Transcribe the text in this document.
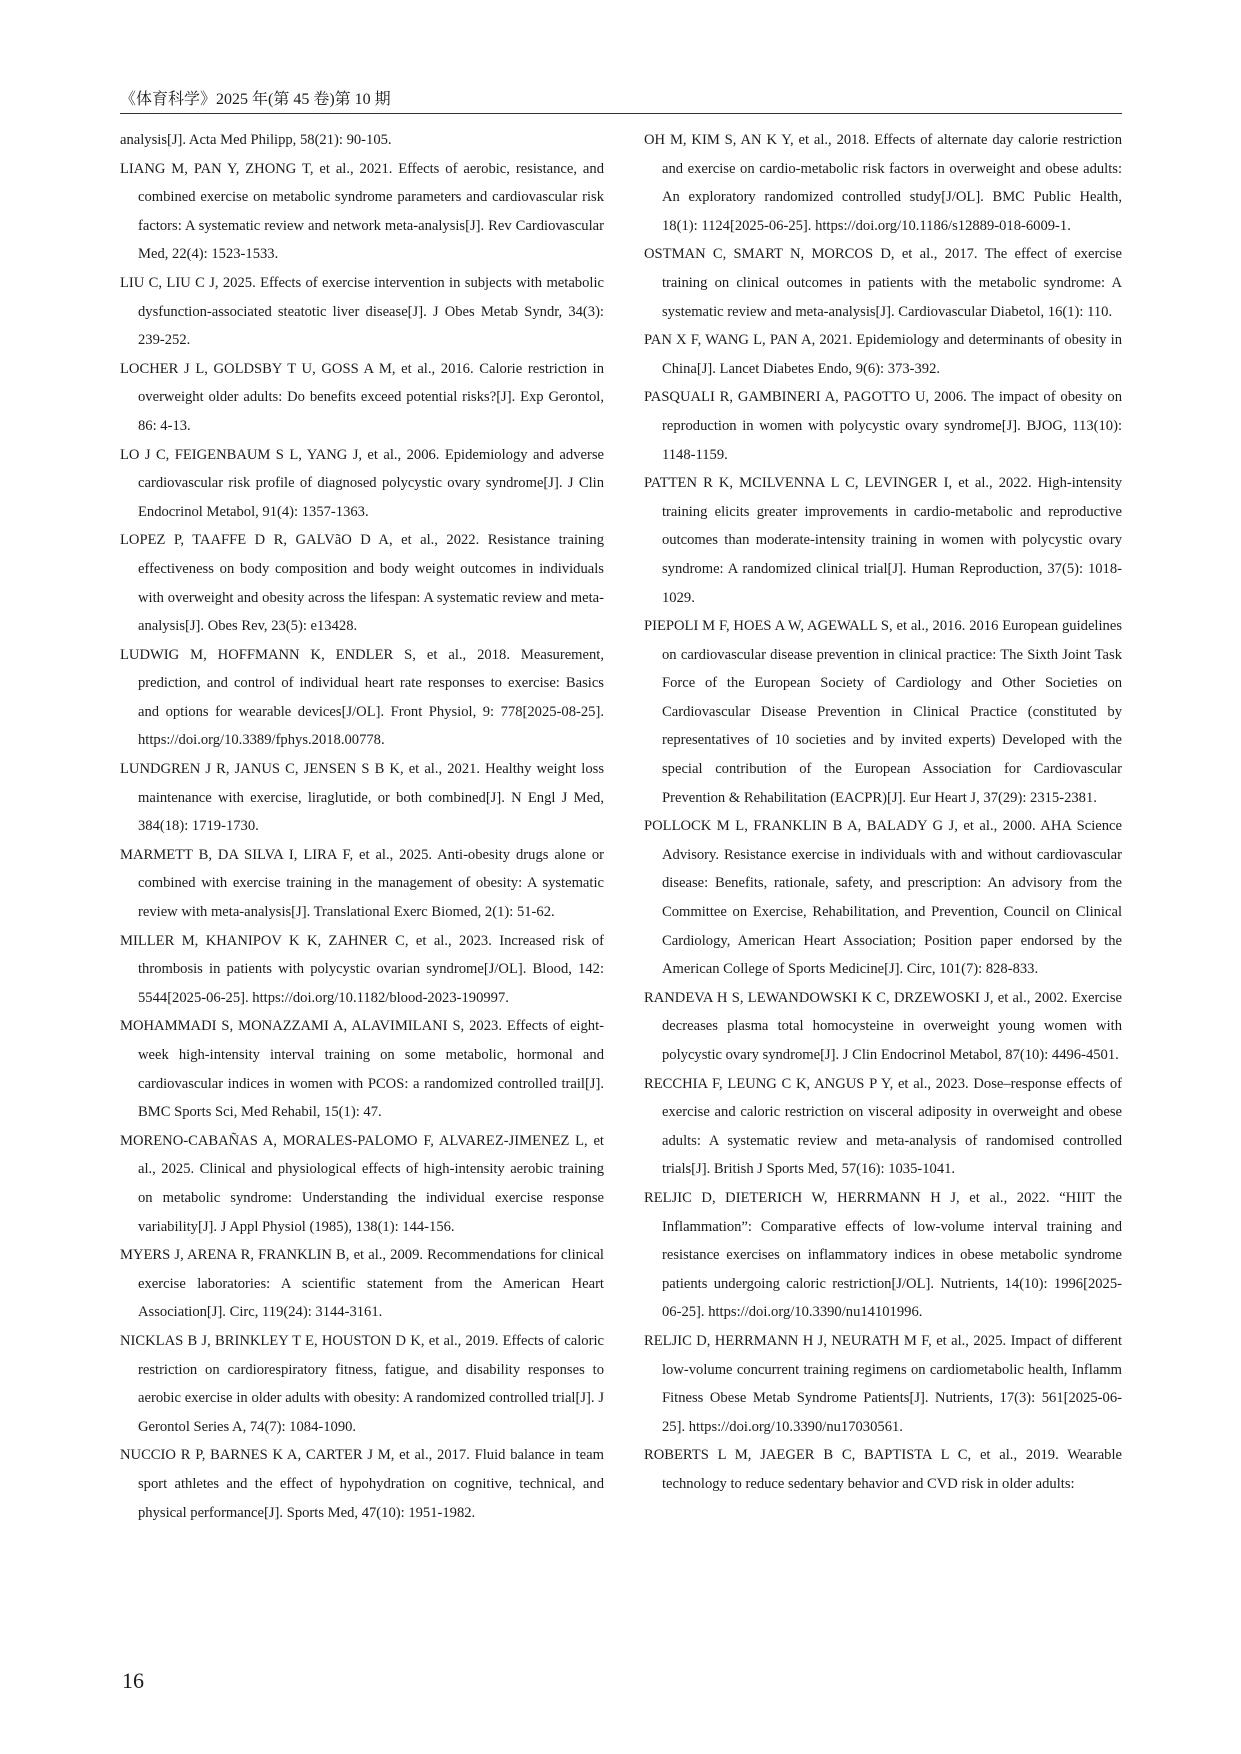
《体育科学》2025 年(第 45 卷)第 10 期

analysis[J]. Acta Med Philipp, 58(21): 90-105.

LIANG M, PAN Y, ZHONG T, et al., 2021. Effects of aerobic, resistance, and combined exercise on metabolic syndrome parameters and cardiovascular risk factors: A systematic review and network meta-analysis[J]. Rev Cardiovascular Med, 22(4): 1523-1533.

LIU C, LIU C J, 2025. Effects of exercise intervention in subjects with metabolic dysfunction-associated steatotic liver disease[J]. J Obes Metab Syndr, 34(3): 239-252.

LOCHER J L, GOLDSBY T U, GOSS A M, et al., 2016. Calorie restriction in overweight older adults: Do benefits exceed potential risks?[J]. Exp Gerontol, 86: 4-13.

LO J C, FEIGENBAUM S L, YANG J, et al., 2006. Epidemiology and adverse cardiovascular risk profile of diagnosed polycystic ovary syndrome[J]. J Clin Endocrinol Metabol, 91(4): 1357-1363.

LOPEZ P, TAAFFE D R, GALVãO D A, et al., 2022. Resistance training effectiveness on body composition and body weight outcomes in individuals with overweight and obesity across the lifespan: A systematic review and meta-analysis[J]. Obes Rev, 23(5): e13428.

LUDWIG M, HOFFMANN K, ENDLER S, et al., 2018. Measurement, prediction, and control of individual heart rate responses to exercise: Basics and options for wearable devices[J/OL]. Front Physiol, 9: 778[2025-08-25]. https://doi.org/10.3389/fphys.2018.00778.

LUNDGREN J R, JANUS C, JENSEN S B K, et al., 2021. Healthy weight loss maintenance with exercise, liraglutide, or both combined[J]. N Engl J Med, 384(18): 1719-1730.

MARMETT B, DA SILVA I, LIRA F, et al., 2025. Anti-obesity drugs alone or combined with exercise training in the management of obesity: A systematic review with meta-analysis[J]. Translational Exerc Biomed, 2(1): 51-62.

MILLER M, KHANIPOV K K, ZAHNER C, et al., 2023. Increased risk of thrombosis in patients with polycystic ovarian syndrome[J/OL]. Blood, 142: 5544[2025-06-25]. https://doi.org/10.1182/blood-2023-190997.

MOHAMMADI S, MONAZZAMI A, ALAVIMILANI S, 2023. Effects of eight-week high-intensity interval training on some metabolic, hormonal and cardiovascular indices in women with PCOS: a randomized controlled trail[J]. BMC Sports Sci, Med Rehabil, 15(1): 47.

MORENO-CABAÑAS A, MORALES-PALOMO F, ALVAREZ-JIMENEZ L, et al., 2025. Clinical and physiological effects of high-intensity aerobic training on metabolic syndrome: Understanding the individual exercise response variability[J]. J Appl Physiol (1985), 138(1): 144-156.

MYERS J, ARENA R, FRANKLIN B, et al., 2009. Recommendations for clinical exercise laboratories: A scientific statement from the American Heart Association[J]. Circ, 119(24): 3144-3161.

NICKLAS B J, BRINKLEY T E, HOUSTON D K, et al., 2019. Effects of caloric restriction on cardiorespiratory fitness, fatigue, and disability responses to aerobic exercise in older adults with obesity: A randomized controlled trial[J]. J Gerontol Series A, 74(7): 1084-1090.

NUCCIO R P, BARNES K A, CARTER J M, et al., 2017. Fluid balance in team sport athletes and the effect of hypohydration on cognitive, technical, and physical performance[J]. Sports Med, 47(10): 1951-1982.

OH M, KIM S, AN K Y, et al., 2018. Effects of alternate day calorie restriction and exercise on cardio-metabolic risk factors in overweight and obese adults: An exploratory randomized controlled study[J/OL]. BMC Public Health, 18(1): 1124[2025-06-25]. https://doi.org/10.1186/s12889-018-6009-1.

OSTMAN C, SMART N, MORCOS D, et al., 2017. The effect of exercise training on clinical outcomes in patients with the metabolic syndrome: A systematic review and meta-analysis[J]. Cardiovascular Diabetol, 16(1): 110.

PAN X F, WANG L, PAN A, 2021. Epidemiology and determinants of obesity in China[J]. Lancet Diabetes Endo, 9(6): 373-392.

PASQUALI R, GAMBINERI A, PAGOTTO U, 2006. The impact of obesity on reproduction in women with polycystic ovary syndrome[J]. BJOG, 113(10): 1148-1159.

PATTEN R K, MCILVENNA L C, LEVINGER I, et al., 2022. High-intensity training elicits greater improvements in cardio-metabolic and reproductive outcomes than moderate-intensity training in women with polycystic ovary syndrome: A randomized clinical trial[J]. Human Reproduction, 37(5): 1018-1029.

PIEPOLI M F, HOES A W, AGEWALL S, et al., 2016. 2016 European guidelines on cardiovascular disease prevention in clinical practice: The Sixth Joint Task Force of the European Society of Cardiology and Other Societies on Cardiovascular Disease Prevention in Clinical Practice (constituted by representatives of 10 societies and by invited experts) Developed with the special contribution of the European Association for Cardiovascular Prevention & Rehabilitation (EACPR)[J]. Eur Heart J, 37(29): 2315-2381.

POLLOCK M L, FRANKLIN B A, BALADY G J, et al., 2000. AHA Science Advisory. Resistance exercise in individuals with and without cardiovascular disease: Benefits, rationale, safety, and prescription: An advisory from the Committee on Exercise, Rehabilitation, and Prevention, Council on Clinical Cardiology, American Heart Association; Position paper endorsed by the American College of Sports Medicine[J]. Circ, 101(7): 828-833.

RANDEVA H S, LEWANDOWSKI K C, DRZEWOSKI J, et al., 2002. Exercise decreases plasma total homocysteine in overweight young women with polycystic ovary syndrome[J]. J Clin Endocrinol Metabol, 87(10): 4496-4501.

RECCHIA F, LEUNG C K, ANGUS P Y, et al., 2023. Dose–response effects of exercise and caloric restriction on visceral adiposity in overweight and obese adults: A systematic review and meta-analysis of randomised controlled trials[J]. British J Sports Med, 57(16): 1035-1041.

RELJIC D, DIETERICH W, HERRMANN H J, et al., 2022. “HIIT the Inflammation”: Comparative effects of low-volume interval training and resistance exercises on inflammatory indices in obese metabolic syndrome patients undergoing caloric restriction[J/OL]. Nutrients, 14(10): 1996[2025-06-25]. https://doi.org/10.3390/nu14101996.

RELJIC D, HERRMANN H J, NEURATH M F, et al., 2025. Impact of different low-volume concurrent training regimens on cardiometabolic health, Inflamm Fitness Obese Metab Syndrome Patients[J]. Nutrients, 17(3): 561[2025-06-25]. https://doi.org/10.3390/nu17030561.

ROBERTS L M, JAEGER B C, BAPTISTA L C, et al., 2019. Wearable technology to reduce sedentary behavior and CVD risk in older adults:

16
